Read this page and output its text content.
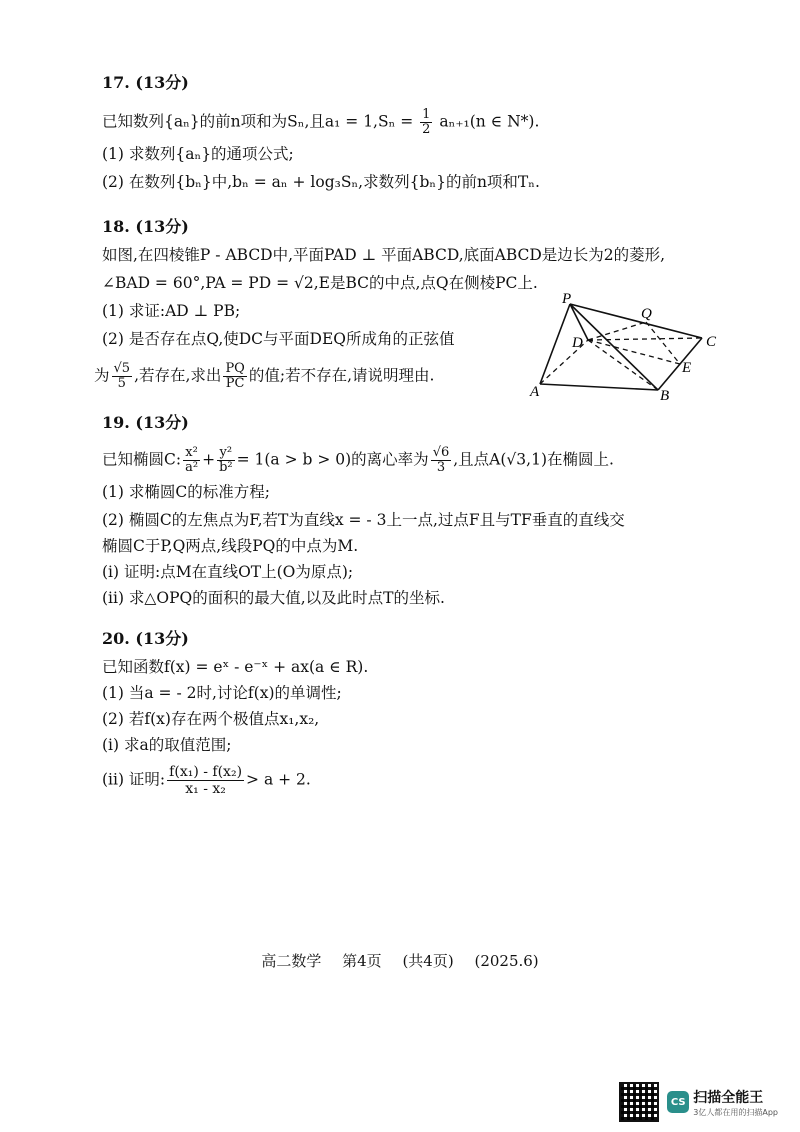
17. (13分)
已知数列{aₙ}的前n项和为Sₙ,且$a_1 = 1,S_n = \frac{1}{2} a_{n+1}(n$ ∈ N*).
(1) 求数列{aₙ}的通项公式;
(2) 在数列{bₙ}中,bₙ = aₙ + log₃Sₙ,求数列{bₙ}的前n项和Tₙ.
18. (13分)
如图,在四棱锥P - ABCD中,平面PAD ⊥ 平面ABCD,底面ABCD是边长为2的菱形,
∠BAD = 60°,PA = PD = √2,E是BC的中点,点Q在侧棱PC上.
(1) 求证:AD ⊥ PB;
(2) 是否存在点Q,使DC与平面DEQ所成角的正弦值
为 $\frac{√5}{5}$ ,若存在,求出 $\frac{PQ}{PC}$ 的值;若不存在,请说明理由.
P
Q
C
D
E
A	B
19. (13分)
已知椭圆C: $\frac{\text{x²}}{\text{a²}} + \frac{\text{y²}}{\text{b²}} = 1(a > b > 0)$的离心率为 $\frac{√6}{3}$ ,且点A(√3,1)在椭圆上.
(1) 求椭圆C的标准方程;
(2) 椭圆C的左焦点为F,若T为直线x = - 3上一点,过点F且与TF垂直的直线交
椭圆C于P,Q两点,线段PQ的中点为M.
(i) 证明:点M在直线OT上(O为原点);
(ii) 求△OPQ的面积的最大值,以及此时点T的坐标.
20. (13分)
已知函数f(x) = eˣ - e⁻ˣ + ax(a ∈ R).
(1) 当a = - 2时,讨论f(x)的单调性;
(2) 若f(x)存在两个极值点x₁,x₂,
(i) 求a的取值范围;
(ii) 证明: $\frac{\text{f(x₁) - f(x₂)}}{\text{x₁ - x₂}} > a + 2$.
高二数学 第4页 (共4页) (2025.6)
CS 扫描全能王
3亿人都在用的扫描App
